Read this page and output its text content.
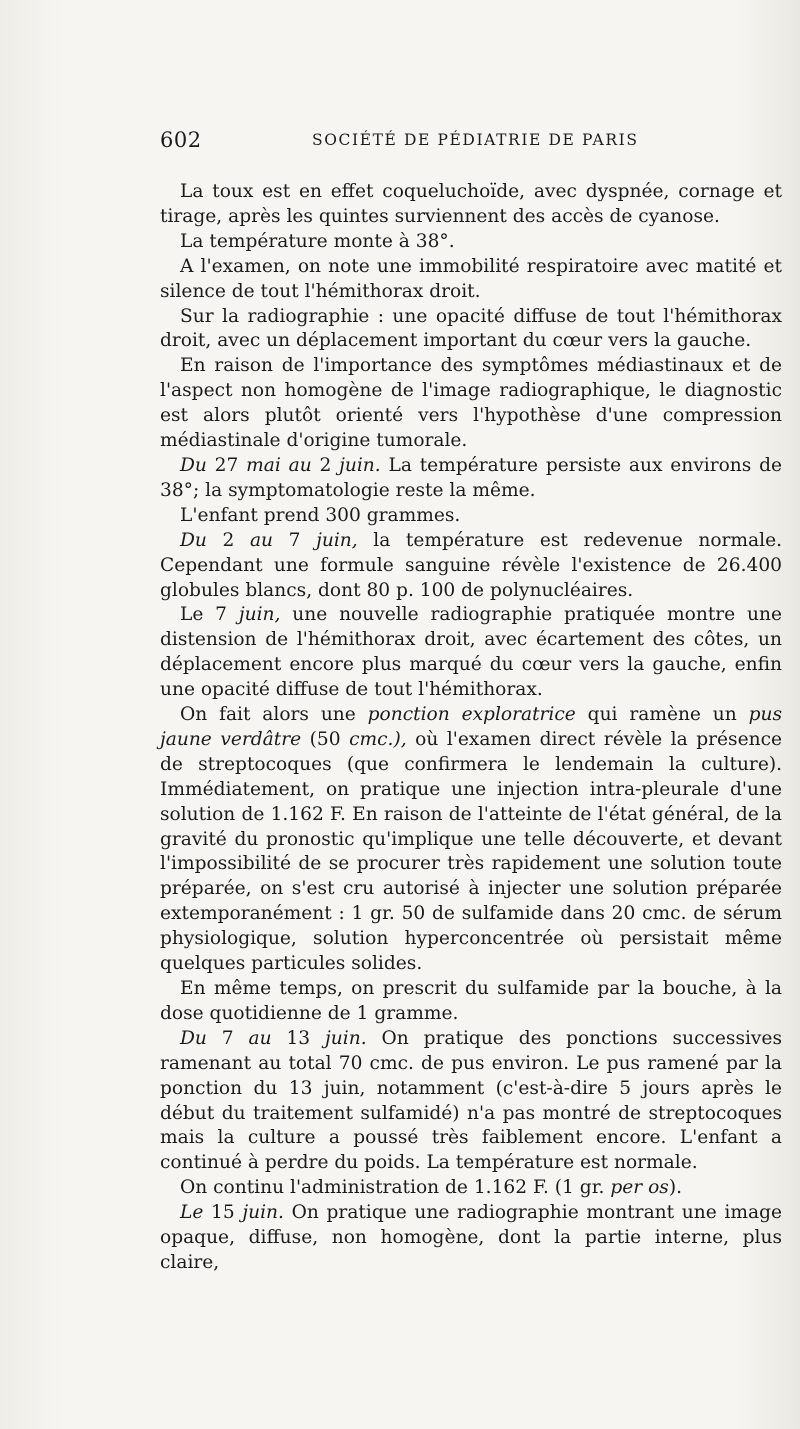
602	SOCIÉTÉ DE PÉDIATRIE DE PARIS

La toux est en effet coqueluchoïde, avec dyspnée, cornage et tirage, après les quintes surviennent des accès de cyanose.

La température monte à 38°.

A l'examen, on note une immobilité respiratoire avec matité et silence de tout l'hémithorax droit.

Sur la radiographie : une opacité diffuse de tout l'hémithorax droit, avec un déplacement important du cœur vers la gauche.

En raison de l'importance des symptômes médiastinaux et de l'aspect non homogène de l'image radiographique, le diagnostic est alors plutôt orienté vers l'hypothèse d'une compression médiastinale d'origine tumorale.

Du 27 mai au 2 juin. La température persiste aux environs de 38°; la symptomatologie reste la même.

L'enfant prend 300 grammes.

Du 2 au 7 juin, la température est redevenue normale. Cependant une formule sanguine révèle l'existence de 26.400 globules blancs, dont 80 p. 100 de polynucléaires.

Le 7 juin, une nouvelle radiographie pratiquée montre une distension de l'hémithorax droit, avec écartement des côtes, un déplacement encore plus marqué du cœur vers la gauche, enfin une opacité diffuse de tout l'hémithorax.

On fait alors une ponction exploratrice qui ramène un pus jaune verdâtre (50 cmc.), où l'examen direct révèle la présence de streptocoques (que confirmera le lendemain la culture). Immédiatement, on pratique une injection intra-pleurale d'une solution de 1.162 F. En raison de l'atteinte de l'état général, de la gravité du pronostic qu'implique une telle découverte, et devant l'impossibilité de se procurer très rapidement une solution toute préparée, on s'est cru autorisé à injecter une solution préparée extemporanément : 1 gr. 50 de sulfamide dans 20 cmc. de sérum physiologique, solution hyperconcentrée où persistait même quelques particules solides.

En même temps, on prescrit du sulfamide par la bouche, à la dose quotidienne de 1 gramme.

Du 7 au 13 juin. On pratique des ponctions successives ramenant au total 70 cmc. de pus environ. Le pus ramené par la ponction du 13 juin, notamment (c'est-à-dire 5 jours après le début du traitement sulfamidé) n'a pas montré de streptocoques mais la culture a poussé très faiblement encore. L'enfant a continué à perdre du poids. La température est normale.

On continu l'administration de 1.162 F. (1 gr. per os).

Le 15 juin. On pratique une radiographie montrant une image opaque, diffuse, non homogène, dont la partie interne, plus claire,
